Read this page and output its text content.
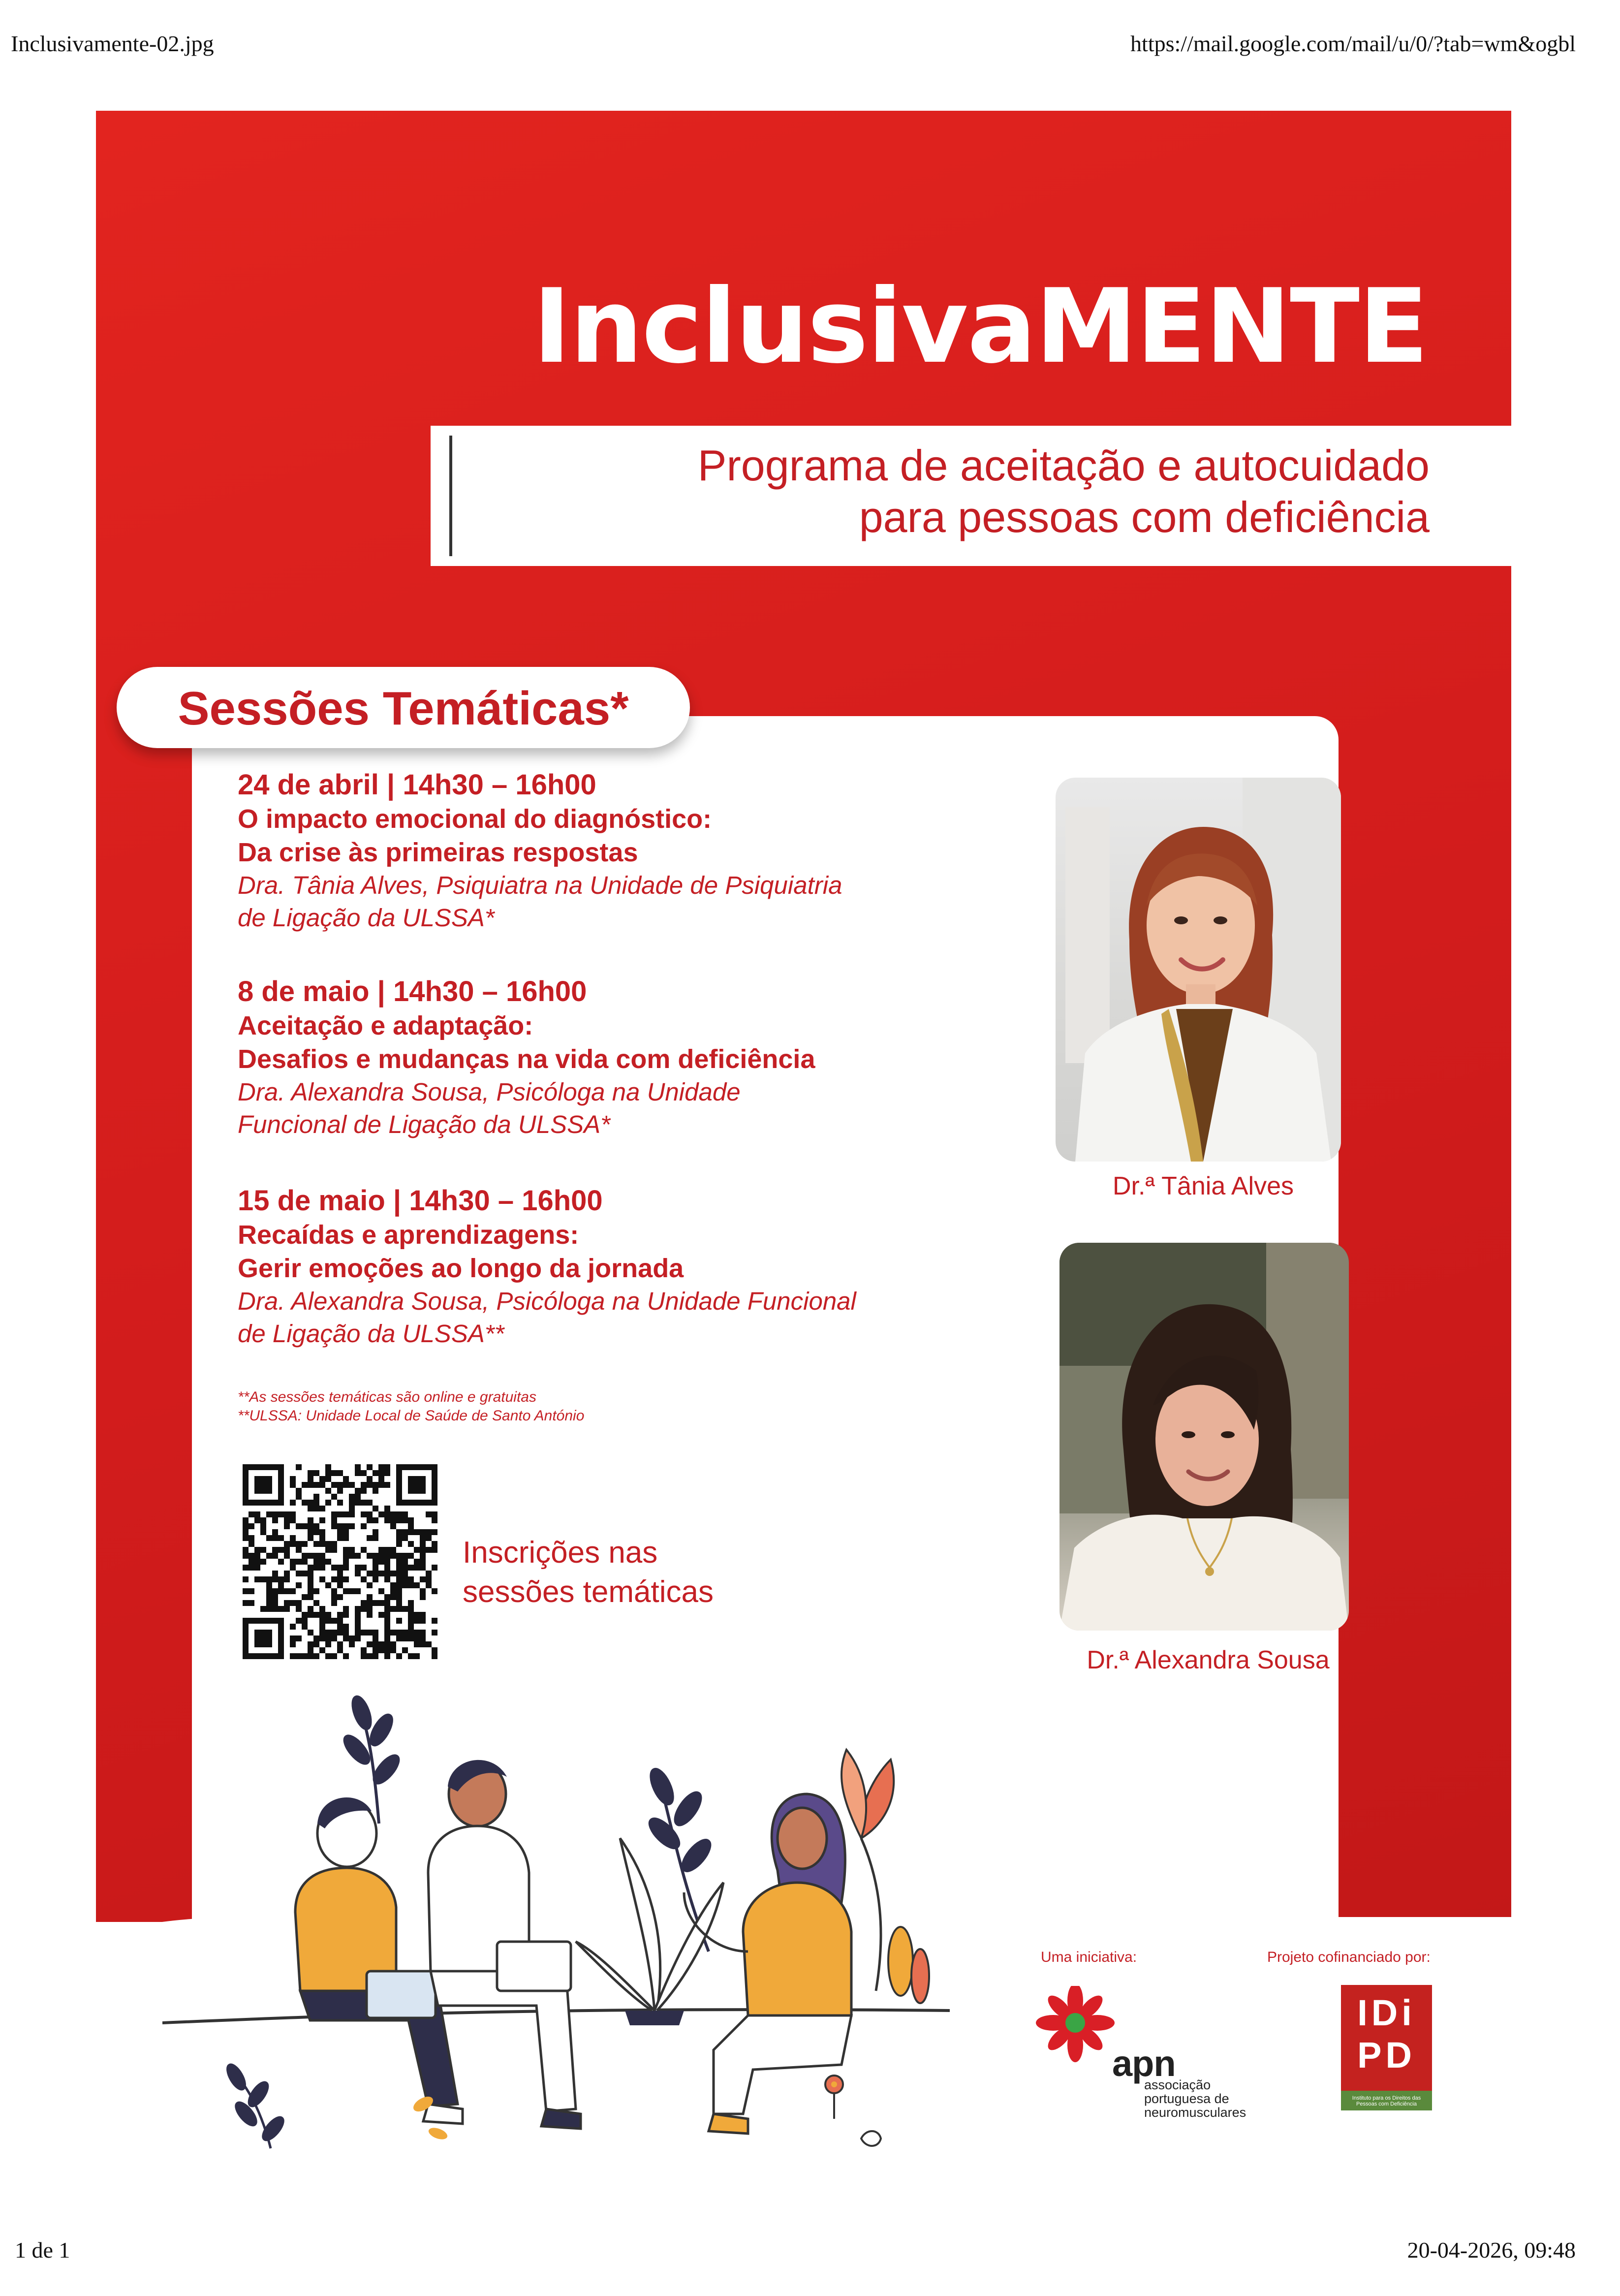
Inclusivamente-02.jpg	https://mail.google.com/mail/u/0/?tab=wm&ogbl
InclusivaMENTE
Programa de aceitação e autocuidado
para pessoas com deficiência
Sessões Temáticas*
24 de abril | 14h30 – 16h00
O impacto emocional do diagnóstico:
Da crise às primeiras respostas
Dra. Tânia Alves, Psiquiatra na Unidade de Psiquiatria
de Ligação da ULSSA*
8 de maio | 14h30 – 16h00
Aceitação e adaptação:
Desafios e mudanças na vida com deficiência
Dra. Alexandra Sousa, Psicóloga na Unidade
Funcional de Ligação da ULSSA*
15 de maio | 14h30 – 16h00
Recaídas e aprendizagens:
Gerir emoções ao longo da jornada
Dra. Alexandra Sousa, Psicóloga na Unidade Funcional
de Ligação da ULSSA**
**As sessões temáticas são online e gratuitas
**ULSSA: Unidade Local de Saúde de Santo António
Inscrições nas
sessões temáticas
Dr.ª Tânia Alves
Dr.ª Alexandra Sousa
Uma iniciativa:	Projeto cofinanciado por:
apn
associação
portuguesa de
neuromusculares
IDi
PD
Instituto para os Direitos das Pessoas com Deficiência
1 de 1	20-04-2026, 09:48
